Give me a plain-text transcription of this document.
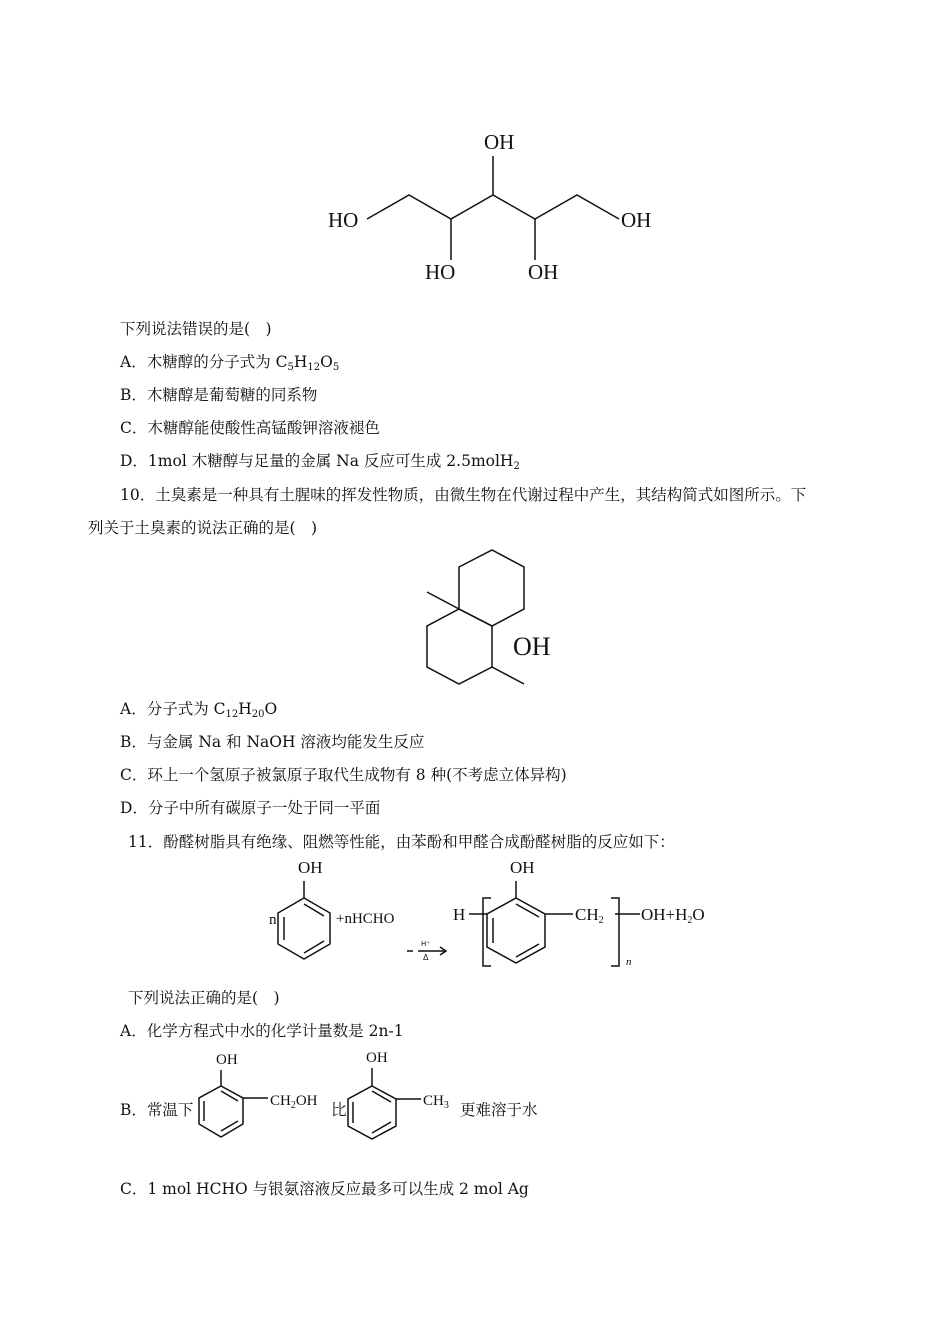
OH
HO	OH
HO	OH
下列说法错误的是(　)
A．木糖醇的分子式为 $C_5H_{12}O_5$
B．木糖醇是葡萄糖的同系物
C．木糖醇能使酸性高锰酸钾溶液褪色
D．1mol 木糖醇与足量的金属 Na 反应可生成 2.5molH$_2$
10．土臭素是一种具有土腥味的挥发性物质，由微生物在代谢过程中产生，其结构简式如图所示。下
列关于土臭素的说法正确的是(　)
OH
A．分子式为 $C_{12}H_{20}O$
B．与金属 Na 和 NaOH 溶液均能发生反应
C．环上一个氢原子被氯原子取代生成物有 8 种(不考虑立体异构)
D．分子中所有碳原子一处于同一平面
11．酚醛树脂具有绝缘、阻燃等性能，由苯酚和甲醛合成酚醛树脂的反应如下：
OH
n	+nHCHO
H⁺
Δ
H
OH
$CH_2$ $OH+H_2O$
n
下列说法正确的是(　)
A．化学方程式中水的化学计量数是 2n-1
B．常温下
OH
$CH_2OH$ 比
OH
$CH_3$ 更难溶于水
C．1 mol HCHO 与银氨溶液反应最多可以生成 2 mol Ag
